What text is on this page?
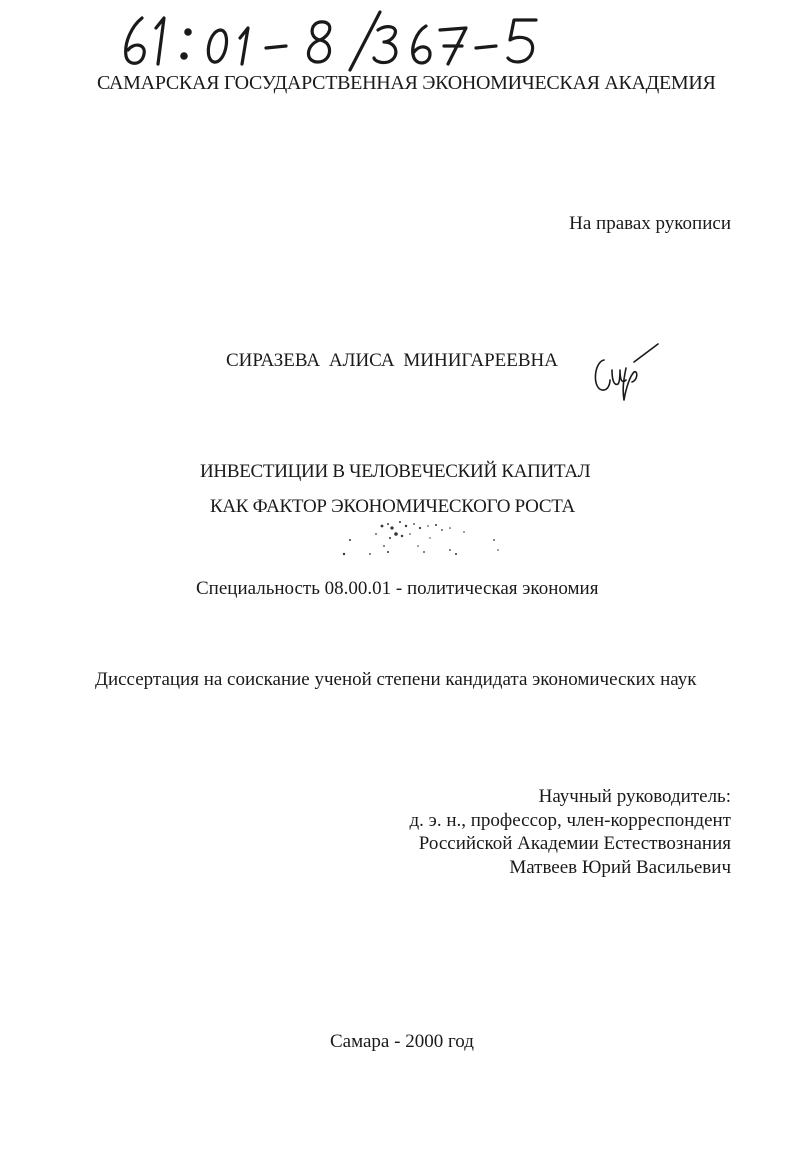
САМАРСКАЯ ГОСУДАРСТВЕННАЯ ЭКОНОМИЧЕСКАЯ АКАДЕМИЯ
На правах рукописи
СИРАЗЕВА АЛИСА МИНИГАРЕЕВНА
ИНВЕСТИЦИИ В ЧЕЛОВЕЧЕСКИЙ КАПИТАЛ
КАК ФАКТОР ЭКОНОМИЧЕСКОГО РОСТА
Специальность 08.00.01 - политическая экономия
Диссертация на соискание ученой степени кандидата экономических наук
Научный руководитель:
д. э. н., профессор, член-корреспондент
Российской Академии Естествознания
Матвеев Юрий Васильевич
Самара - 2000 год
